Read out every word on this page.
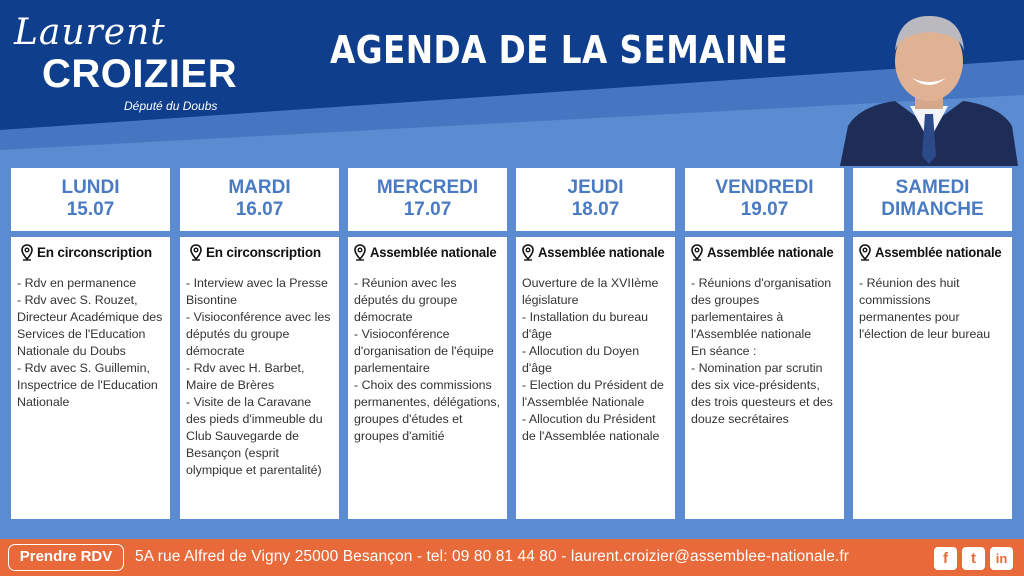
Laurent
CROIZIER
Député du Doubs
AGENDA DE LA SEMAINE
LUNDI
15.07
MARDI
16.07
MERCREDI
17.07
JEUDI
18.07
VENDREDI
19.07
SAMEDI
DIMANCHE
En circonscription
- Rdv en permanence
- Rdv avec S. Rouzet, Directeur Académique des Services de l'Education Nationale du Doubs
- Rdv avec S. Guillemin, Inspectrice de l'Education Nationale
En circonscription
- Interview avec la Presse Bisontine
- Visioconférence avec les députés du groupe démocrate
- Rdv avec H. Barbet, Maire de Brères
- Visite de la Caravane des pieds d'immeuble du Club Sauvegarde de Besançon (esprit olympique et parentalité)
Assemblée nationale
- Réunion avec les députés du groupe démocrate
- Visioconférence d'organisation de l'équipe parlementaire
- Choix des commissions permanentes, délégations, groupes d'études et groupes d'amitié
Assemblée nationale
Ouverture de la XVIIème législature
- Installation du bureau d'âge
- Allocution du Doyen d'âge
- Election du Président de l'Assemblée Nationale
- Allocution du Président de l'Assemblée nationale
Assemblée nationale
- Réunions d'organisation des groupes parlementaires à l'Assemblée nationale
En séance :
- Nomination par scrutin des six vice-présidents, des trois questeurs et des douze secrétaires
Assemblée nationale
- Réunion des huit commissions permanentes pour l'élection de leur bureau
Prendre RDV	5A rue Alfred de Vigny 25000 Besançon - tel: 09 80 81 44 80 - laurent.croizier@assemblee-nationale.fr	f	t	in
